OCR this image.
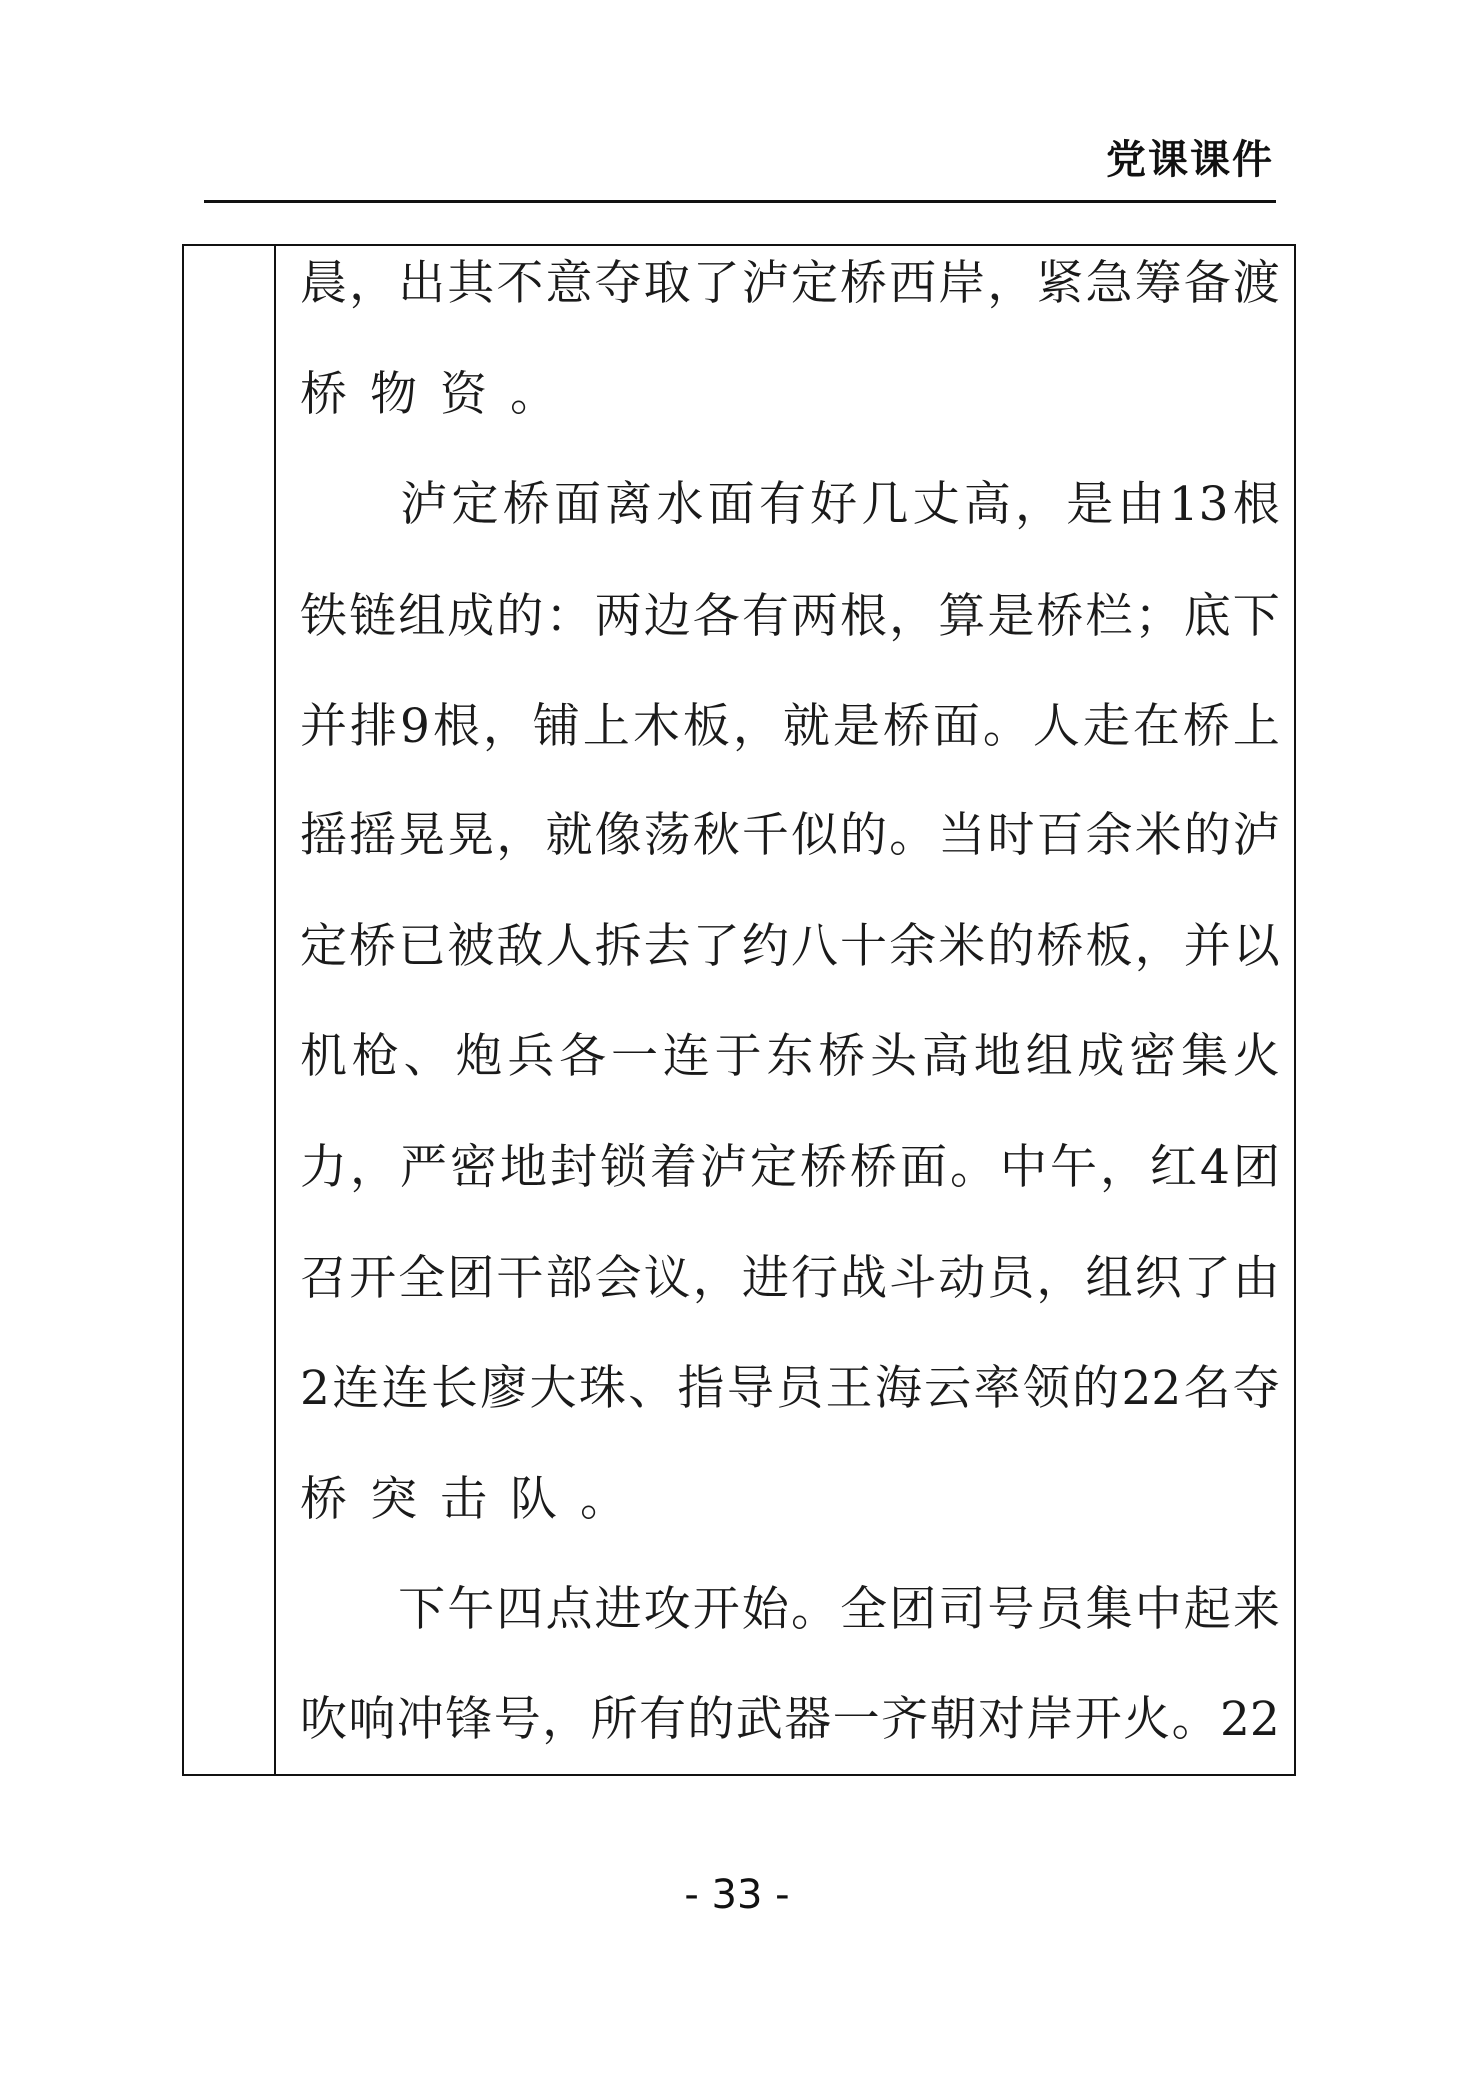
党课课件
晨 ， 出 其 不 意 夺 取 了 泸 定 桥 西 岸 ， 紧 急 筹 备 渡
桥 物 资 。
泸 定 桥 面 离 水 面 有 好 几 丈 高 ， 是 由 13 根
铁 链 组 成 的 ： 两 边 各 有 两 根 ， 算 是 桥 栏 ； 底 下
并 排 9 根 ， 铺 上 木 板 ， 就 是 桥 面 。 人 走 在 桥 上
摇 摇 晃 晃 ， 就 像 荡 秋 千 似 的 。 当 时 百 余 米 的 泸
定 桥 已 被 敌 人 拆 去 了 约 八 十 余 米 的 桥 板 ， 并 以
机 枪 、 炮 兵 各 一 连 于 东 桥 头 高 地 组 成 密 集 火
力 ， 严 密 地 封 锁 着 泸 定 桥 桥 面 。 中 午 ， 红 4 团
召 开 全 团 干 部 会 议 ， 进 行 战 斗 动 员 ， 组 织 了 由
2 连 连 长 廖 大 珠 、 指 导 员 王 海 云 率 领 的 22 名 夺
桥 突 击 队 。
下 午 四 点 进 攻 开 始 。 全 团 司 号 员 集 中 起 来
吹 响 冲 锋 号 ， 所 有 的 武 器 一 齐 朝 对 岸 开 火 。 22
- 33 -
